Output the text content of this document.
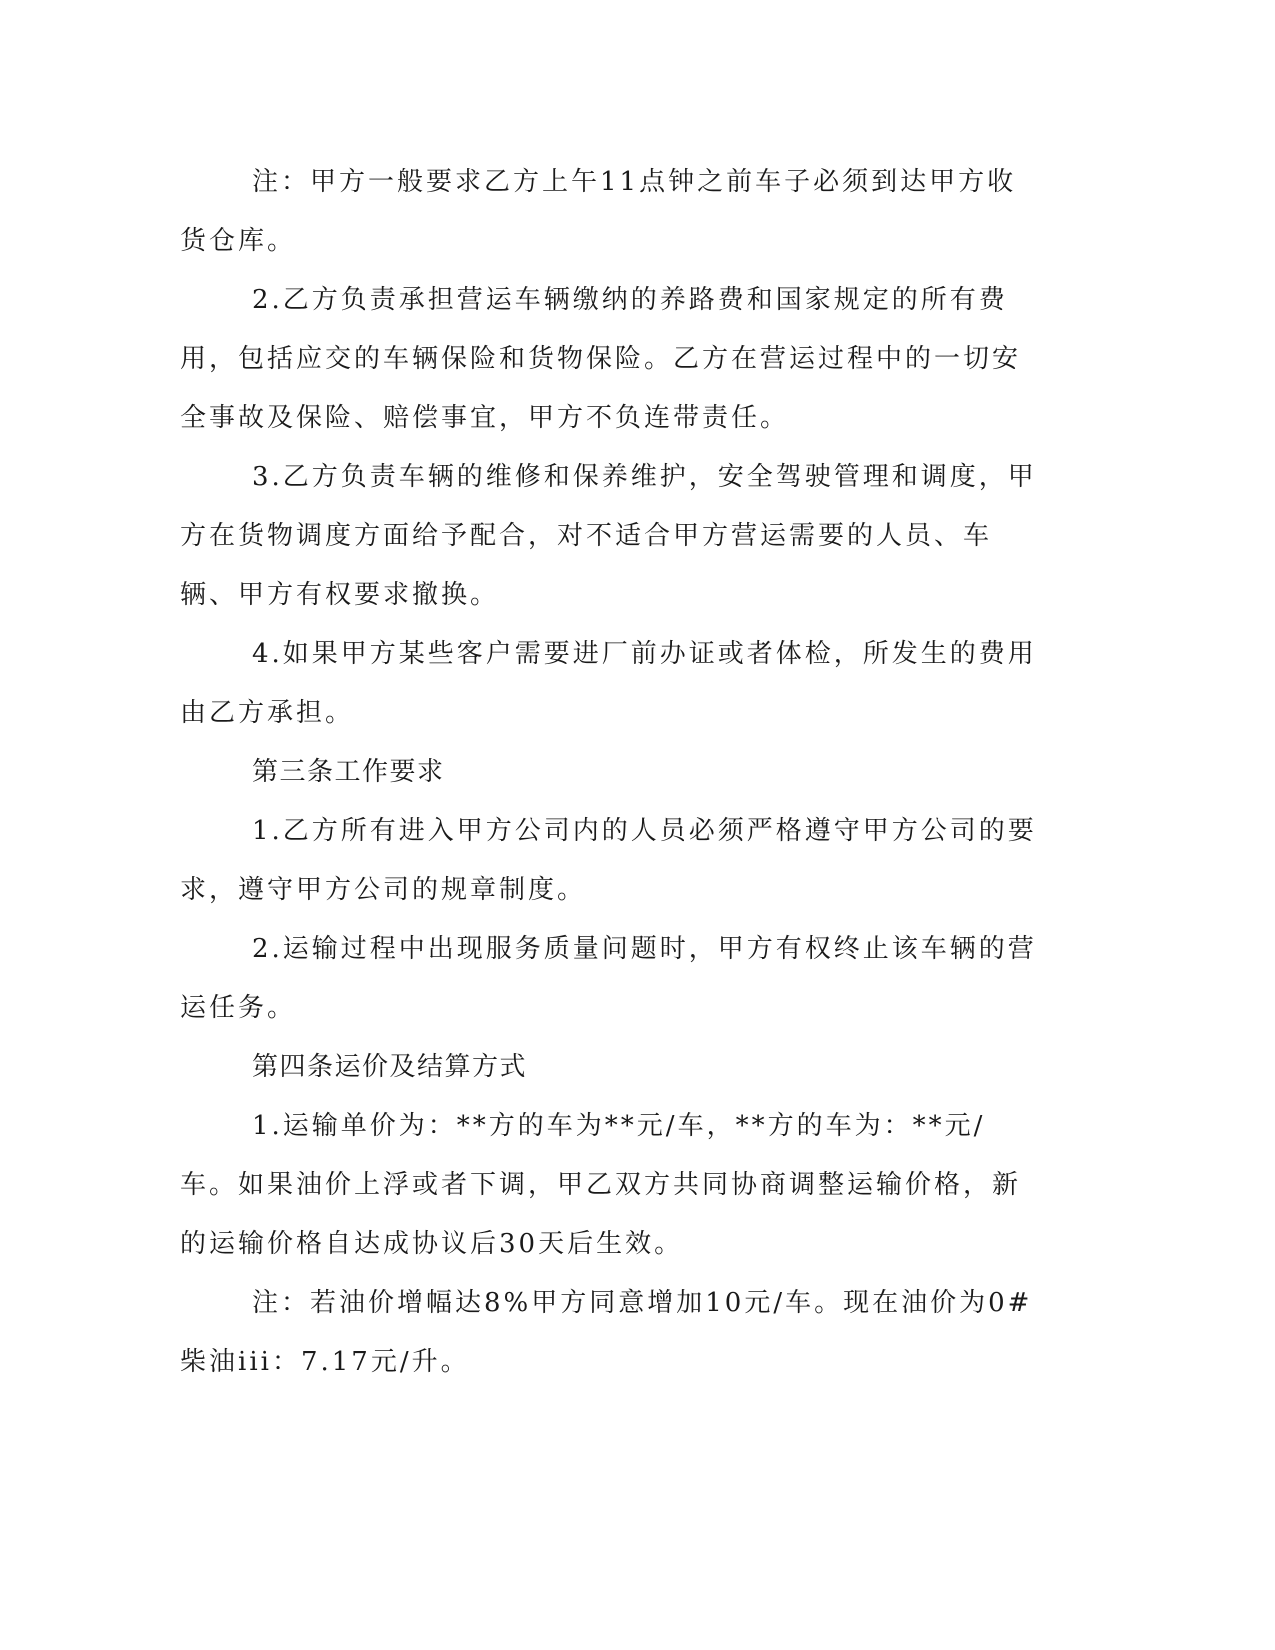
注：甲方一般要求乙方上午11点钟之前车子必须到达甲方收货仓库。

2.乙方负责承担营运车辆缴纳的养路费和国家规定的所有费用，包括应交的车辆保险和货物保险。乙方在营运过程中的一切安全事故及保险、赔偿事宜，甲方不负连带责任。

3.乙方负责车辆的维修和保养维护，安全驾驶管理和调度，甲方在货物调度方面给予配合，对不适合甲方营运需要的人员、车辆、甲方有权要求撤换。

4.如果甲方某些客户需要进厂前办证或者体检，所发生的费用由乙方承担。

第三条工作要求

1.乙方所有进入甲方公司内的人员必须严格遵守甲方公司的要求，遵守甲方公司的规章制度。

2.运输过程中出现服务质量问题时，甲方有权终止该车辆的营运任务。

第四条运价及结算方式

1.运输单价为：**方的车为**元/车，**方的车为：**元/车。如果油价上浮或者下调，甲乙双方共同协商调整运输价格，新的运输价格自达成协议后30天后生效。

注：若油价增幅达8%甲方同意增加10元/车。现在油价为0#柴油iii：7.17元/升。
